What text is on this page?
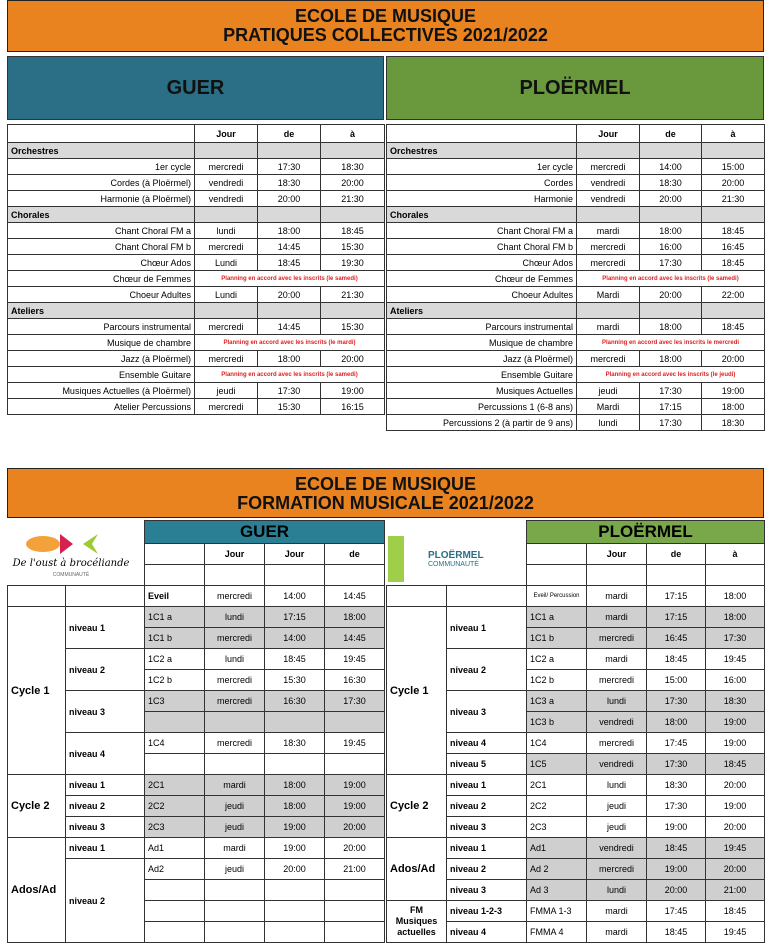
ECOLE DE MUSIQUE
PRATIQUES COLLECTIVES 2021/2022
GUER	PLOËRMEL
	Jour	de	à
Orchestres			
1er cycle	mercredi	17:30	18:30
Cordes (à Ploërmel)	vendredi	18:30	20:00
Harmonie (à Ploërmel)	vendredi	20:00	21:30
Chorales			
Chant Choral FM a	lundi	18:00	18:45
Chant Choral FM b	mercredi	14:45	15:30
Chœur Ados	Lundi	18:45	19:30
Chœur de Femmes	Planning en accord avec les inscrits (le samedi)		
Choeur Adultes	Lundi	20:00	21:30
Ateliers			
Parcours instrumental	mercredi	14:45	15:30
Musique de chambre	Planning en accord avec les inscrits (le mardi)		
Jazz (à Ploërmel)	mercredi	18:00	20:00
Ensemble Guitare	Planning en accord avec les inscrits (le samedi)		
Musiques Actuelles (à Ploërmel)	jeudi	17:30	19:00
Atelier Percussions	mercredi	15:30	16:15
	Jour	de	à
Orchestres			
1er cycle	mercredi	14:00	15:00
Cordes	vendredi	18:30	20:00
Harmonie	vendredi	20:00	21:30
Chorales			
Chant Choral FM a	mardi	18:00	18:45
Chant Choral FM b	mercredi	16:00	16:45
Chœur Ados	mercredi	17:30	18:45
Chœur de Femmes	Planning en accord avec les inscrits (le samedi)		
Choeur Adultes	Mardi	20:00	22:00
Ateliers			
Parcours instrumental	mardi	18:00	18:45
Musique de chambre	Planning en accord avec les inscrits le mercredi		
Jazz (à Ploërmel)	mercredi	18:00	20:00
Ensemble Guitare	Planning en accord avec les inscrits (le jeudi)		
Musiques Actuelles	jeudi	17:30	19:00
Percussions 1 (6-8 ans)	Mardi	17:15	18:00
Percussions 2 (à partir de 9 ans)	lundi	17:30	18:30
ECOLE DE MUSIQUE
FORMATION MUSICALE 2021/2022
De l'oust à brocéliande
COMMUNAUTÉ
PLOËRMEL
COMMUNAUTÉ
		GUER			
			Jour	Jour	de

		Eveil	mercredi	14:00	14:45
Cycle 1	niveau 1	1C1 a	lundi	17:15	18:00
		1C1 b	mercredi	14:00	14:45
	niveau 2	1C2 a	lundi	18:45	19:45
		1C2 b	mercredi	15:30	16:30
	niveau 3	1C3	mercredi	16:30	17:30

	niveau 4	1C4	mercredi	18:30	19:45

Cycle 2	niveau 1	2C1	mardi	18:00	19:00
	niveau 2	2C2	jeudi	18:00	19:00
	niveau 3	2C3	jeudi	19:00	20:00
Ados/Ad	niveau 1	Ad1	mardi	19:00	20:00
	niveau 2	Ad2	jeudi	20:00	21:00

		PLOËRMEL			
			Jour	de	à

		Eveil/ Percussion	mardi	17:15	18:00
Cycle 1	niveau 1	1C1 a	mardi	17:15	18:00
		1C1 b	mercredi	16:45	17:30
	niveau 2	1C2 a	mardi	18:45	19:45
		1C2 b	mercredi	15:00	16:00
	niveau 3	1C3 a	lundi	17:30	18:30
		1C3 b	vendredi	18:00	19:00
	niveau 4	1C4	mercredi	17:45	19:00
	niveau 5	1C5	vendredi	17:30	18:45
Cycle 2	niveau 1	2C1	lundi	18:30	20:00
	niveau 2	2C2	jeudi	17:30	19:00
	niveau 3	2C3	jeudi	19:00	20:00
Ados/Ad	niveau 1	Ad1	vendredi	18:45	19:45
	niveau 2	Ad 2	mercredi	19:00	20:00
	niveau 3	Ad 3	lundi	20:00	21:00
FM Musiques actuelles	niveau 1-2-3	FMMA 1-3	mardi	17:45	18:45
	niveau 4	FMMA 4	mardi	18:45	19:45
